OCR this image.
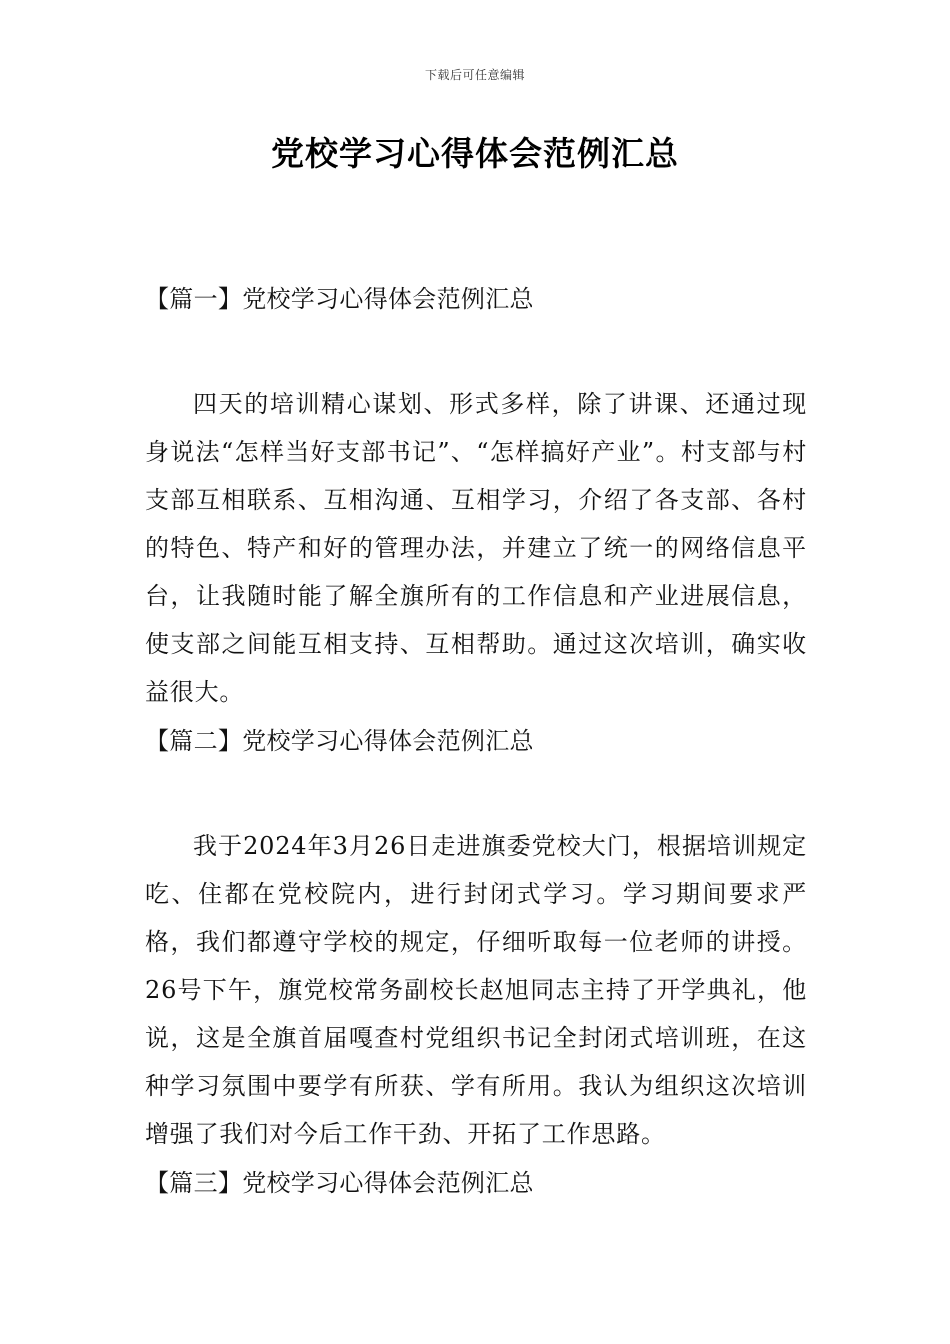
下载后可任意编辑
党校学习心得体会范例汇总

【篇一】党校学习心得体会范例汇总

四天的培训精心谋划、形式多样，除了讲课、还通过现身说法“怎样当好支部书记”、“怎样搞好产业”。村支部与村支部互相联系、互相沟通、互相学习，介绍了各支部、各村的特色、特产和好的管理办法，并建立了统一的网络信息平台，让我随时能了解全旗所有的工作信息和产业进展信息，使支部之间能互相支持、互相帮助。通过这次培训，确实收益很大。

【篇二】党校学习心得体会范例汇总

我于2024年3月26日走进旗委党校大门，根据培训规定吃、住都在党校院内，进行封闭式学习。学习期间要求严格，我们都遵守学校的规定，仔细听取每一位老师的讲授。26号下午，旗党校常务副校长赵旭同志主持了开学典礼，他说，这是全旗首届嘎查村党组织书记全封闭式培训班，在这种学习氛围中要学有所获、学有所用。我认为组织这次培训增强了我们对今后工作干劲、开拓了工作思路。

【篇三】党校学习心得体会范例汇总
